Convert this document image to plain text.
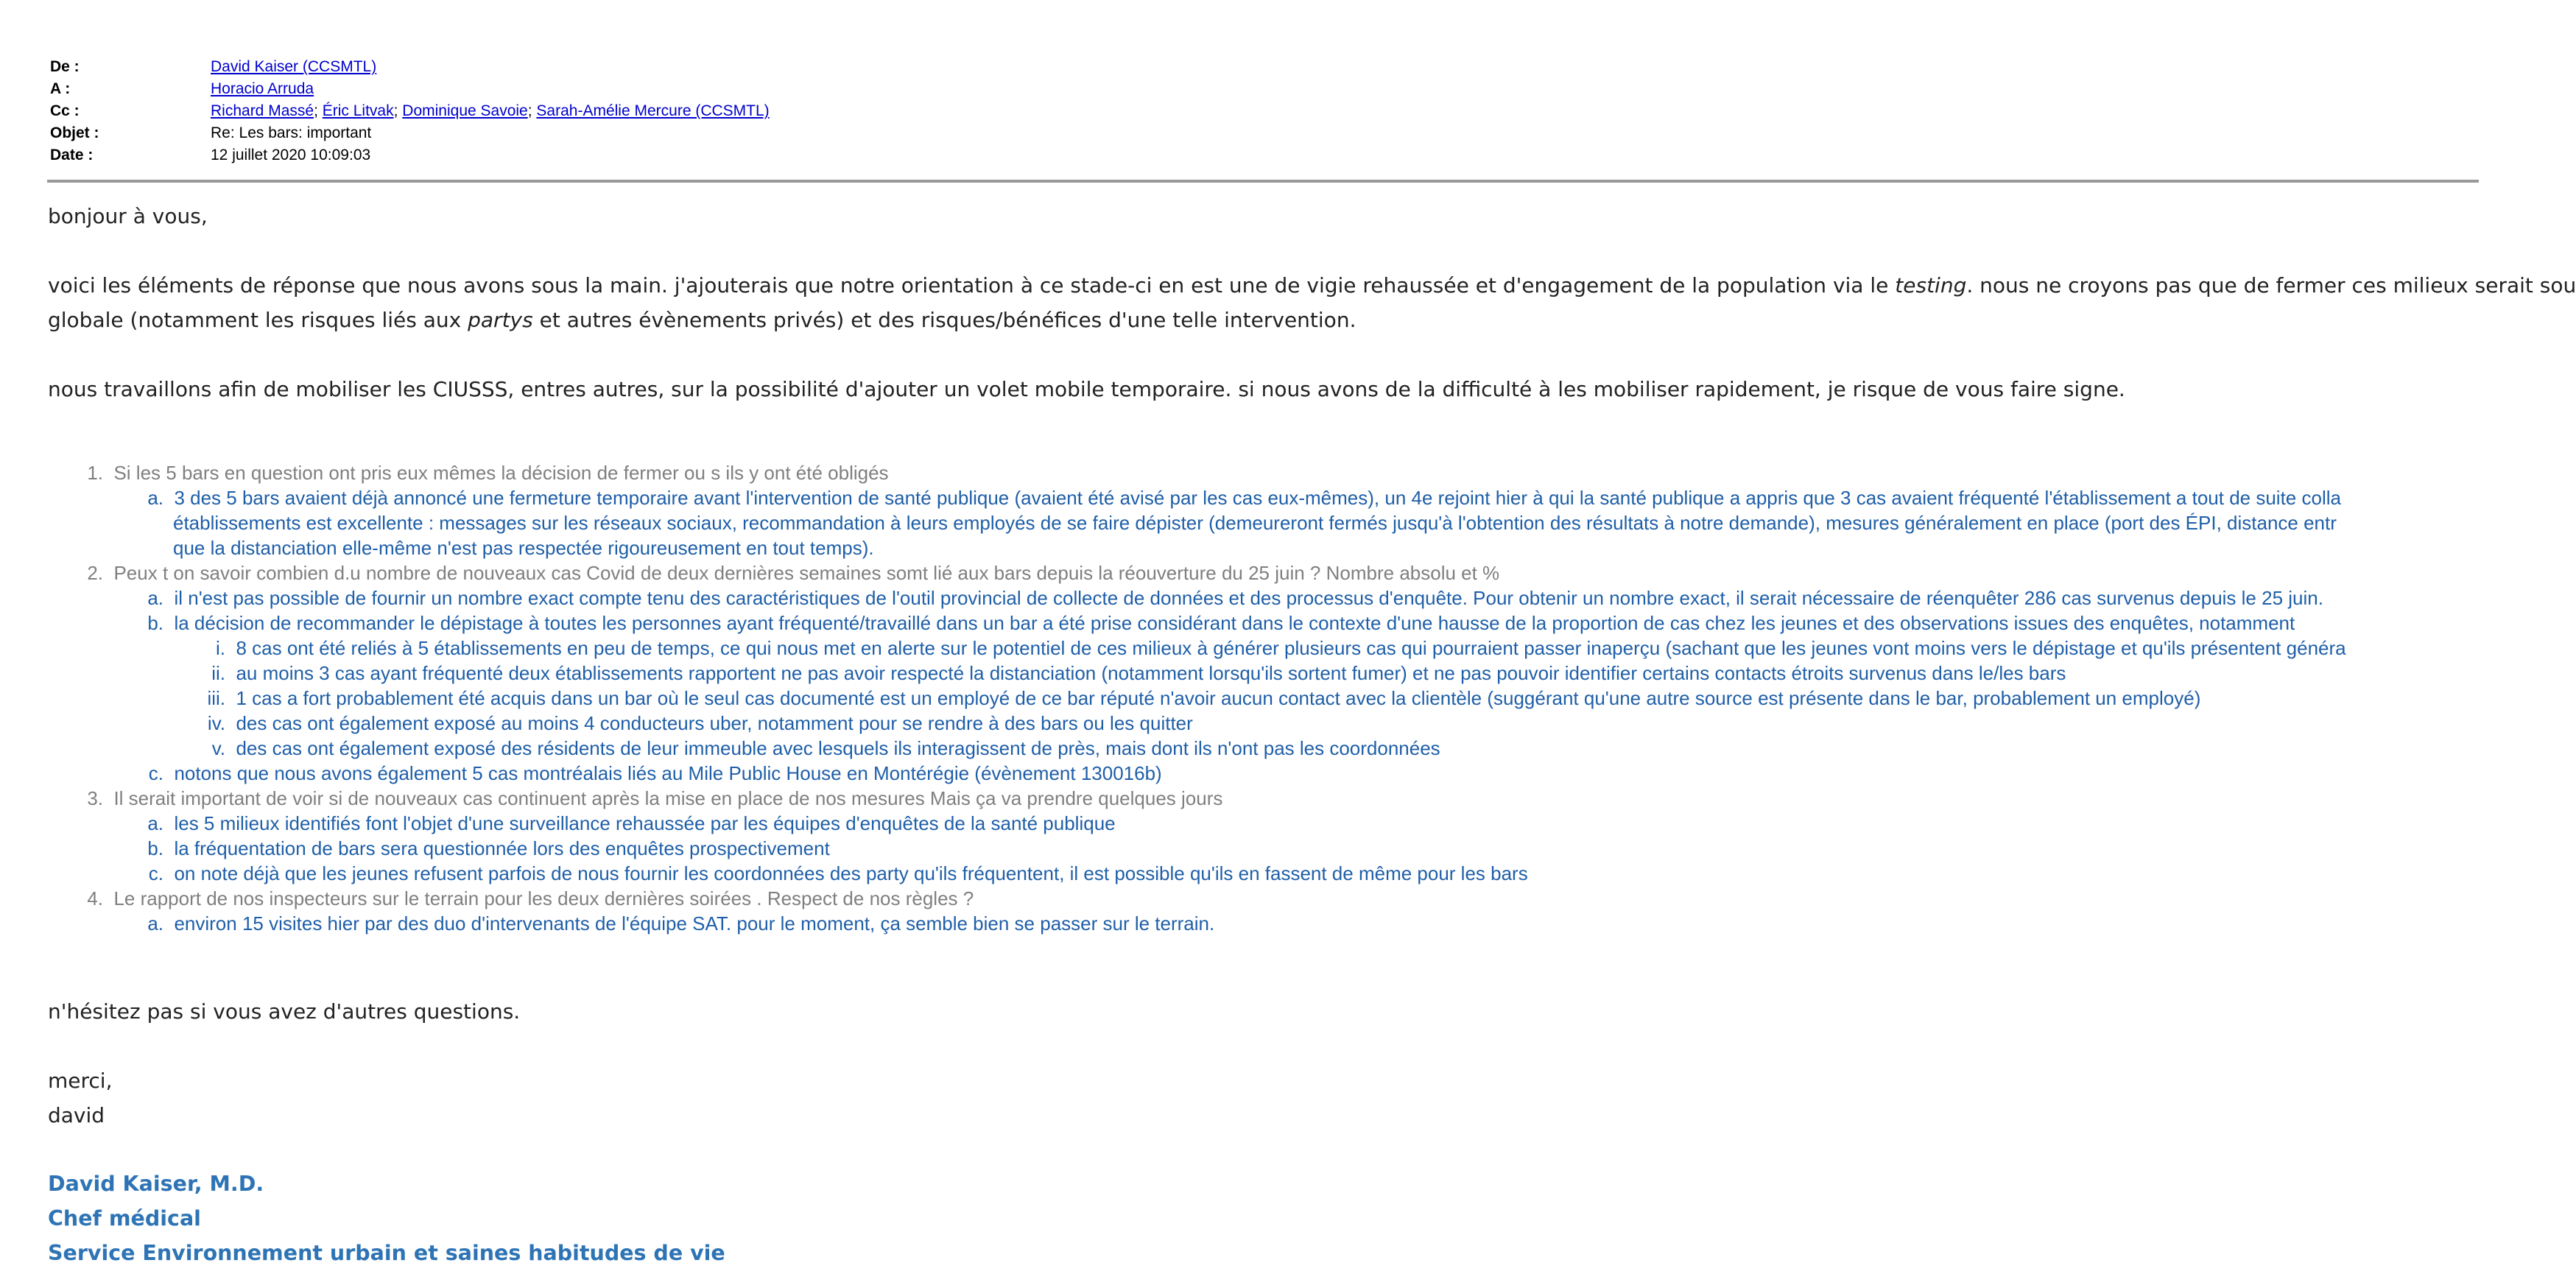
De :	David Kaiser (CCSMTL)
A :	Horacio Arruda
Cc :	Richard Massé; Éric Litvak; Dominique Savoie; Sarah-Amélie Mercure (CCSMTL)
Objet :	Re: Les bars: important
Date :	12 juillet 2020 10:09:03
bonjour à vous,
voici les éléments de réponse que nous avons sous la main. j'ajouterais que notre orientation à ce stade-ci en est une de vigie rehaussée et d'engagement de la population via le testing. nous ne croyons pas que de fermer ces milieux serait sou
globale (notamment les risques liés aux partys et autres évènements privés) et des risques/bénéfices d'une telle intervention.
nous travaillons afin de mobiliser les CIUSSS, entres autres, sur la possibilité d'ajouter un volet mobile temporaire. si nous avons de la difficulté à les mobiliser rapidement, je risque de vous faire signe.
1. Si les 5 bars en question ont pris eux mêmes la décision de fermer ou s ils y ont été obligés
a. 3 des 5 bars avaient déjà annoncé une fermeture temporaire avant l'intervention de santé publique (avaient été avisé par les cas eux-mêmes), un 4e rejoint hier à qui la santé publique a appris que 3 cas avaient fréquenté l'établissement a tout de suite colla
établissements est excellente : messages sur les réseaux sociaux, recommandation à leurs employés de se faire dépister (demeureront fermés jusqu'à l'obtention des résultats à notre demande), mesures généralement en place (port des ÉPI, distance entr
que la distanciation elle-même n'est pas respectée rigoureusement en tout temps).
2. Peux t on savoir combien d.u nombre de nouveaux cas Covid de deux dernières semaines somt lié aux bars depuis la réouverture du 25 juin ? Nombre absolu et %
a. il n'est pas possible de fournir un nombre exact compte tenu des caractéristiques de l'outil provincial de collecte de données et des processus d'enquête. Pour obtenir un nombre exact, il serait nécessaire de réenquêter 286 cas survenus depuis le 25 juin.
b. la décision de recommander le dépistage à toutes les personnes ayant fréquenté/travaillé dans un bar a été prise considérant dans le contexte d'une hausse de la proportion de cas chez les jeunes et des observations issues des enquêtes, notamment
i. 8 cas ont été reliés à 5 établissements en peu de temps, ce qui nous met en alerte sur le potentiel de ces milieux à générer plusieurs cas qui pourraient passer inaperçu (sachant que les jeunes vont moins vers le dépistage et qu'ils présentent généra
ii. au moins 3 cas ayant fréquenté deux établissements rapportent ne pas avoir respecté la distanciation (notamment lorsqu'ils sortent fumer) et ne pas pouvoir identifier certains contacts étroits survenus dans le/les bars
iii. 1 cas a fort probablement été acquis dans un bar où le seul cas documenté est un employé de ce bar réputé n'avoir aucun contact avec la clientèle (suggérant qu'une autre source est présente dans le bar, probablement un employé)
iv. des cas ont également exposé au moins 4 conducteurs uber, notamment pour se rendre à des bars ou les quitter
v. des cas ont également exposé des résidents de leur immeuble avec lesquels ils interagissent de près, mais dont ils n'ont pas les coordonnées
c. notons que nous avons également 5 cas montréalais liés au Mile Public House en Montérégie (évènement 130016b)
3. Il serait important de voir si de nouveaux cas continuent après la mise en place de nos mesures Mais ça va prendre quelques jours
a. les 5 milieux identifiés font l'objet d'une surveillance rehaussée par les équipes d'enquêtes de la santé publique
b. la fréquentation de bars sera questionnée lors des enquêtes prospectivement
c. on note déjà que les jeunes refusent parfois de nous fournir les coordonnées des party qu'ils fréquentent, il est possible qu'ils en fassent de même pour les bars
4. Le rapport de nos inspecteurs sur le terrain pour les deux dernières soirées . Respect de nos règles ?
a. environ 15 visites hier par des duo d'intervenants de l'équipe SAT. pour le moment, ça semble bien se passer sur le terrain.
n'hésitez pas si vous avez d'autres questions.
merci,
david
David Kaiser, M.D.
Chef médical
Service Environnement urbain et saines habitudes de vie
